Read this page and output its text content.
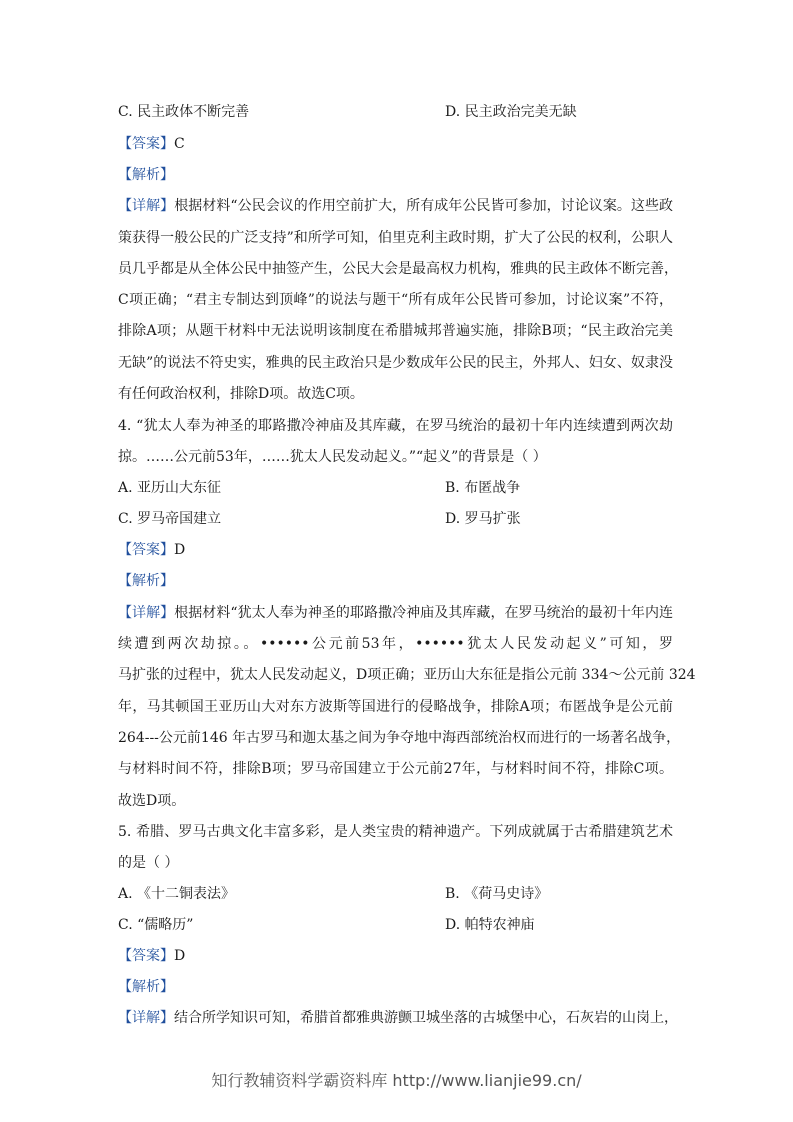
C. 民主政体不断完善	D. 民主政治完美无缺
【答案】C
【解析】
【详解】根据材料“公民会议的作用空前扩大，所有成年公民皆可参加，讨论议案。这些政
策获得一般公民的广泛支持”和所学可知，伯里克利主政时期，扩大了公民的权利，公职人
员几乎都是从全体公民中抽签产生，公民大会是最高权力机构，雅典的民主政体不断完善，
C项正确；“君主专制达到顶峰”的说法与题干“所有成年公民皆可参加，讨论议案”不符，
排除A项；从题干材料中无法说明该制度在希腊城邦普遍实施，排除B项；“民主政治完美
无缺”的说法不符史实，雅典的民主政治只是少数成年公民的民主，外邦人、妇女、奴隶没
有任何政治权利，排除D项。故选C项。
4. “犹太人奉为神圣的耶路撒冷神庙及其库藏，在罗马统治的最初十年内连续遭到两次劫
掠。……公元前53年，……犹太人民发动起义。”“起义”的背景是（ ）
A. 亚历山大东征	B. 布匿战争
C. 罗马帝国建立	D. 罗马扩张
【答案】D
【解析】
【详解】根据材料“犹太人奉为神圣的耶路撒冷神庙及其库藏，在罗马统治的最初十年内连
续遭到两次劫掠。。••••••公元前53年，••••••犹太人民发动起义”可知，罗
马扩张的过程中，犹太人民发动起义，D项正确；亚历山大东征是指公元前 334～公元前 324
年，马其顿国王亚历山大对东方波斯等国进行的侵略战争，排除A项；布匿战争是公元前
264---公元前146 年古罗马和迦太基之间为争夺地中海西部统治权而进行的一场著名战争，
与材料时间不符，排除B项；罗马帝国建立于公元前27年，与材料时间不符，排除C项。
故选D项。
5. 希腊、罗马古典文化丰富多彩，是人类宝贵的精神遗产。下列成就属于古希腊建筑艺术
的是（ ）
A. 《十二铜表法》	B. 《荷马史诗》
C. “儒略历”	D. 帕特农神庙
【答案】D
【解析】
【详解】结合所学知识可知，希腊首都雅典游颤卫城坐落的古城堡中心，石灰岩的山岗上，
知行教辅资料学霸资料库 http://www.lianjie99.cn/
